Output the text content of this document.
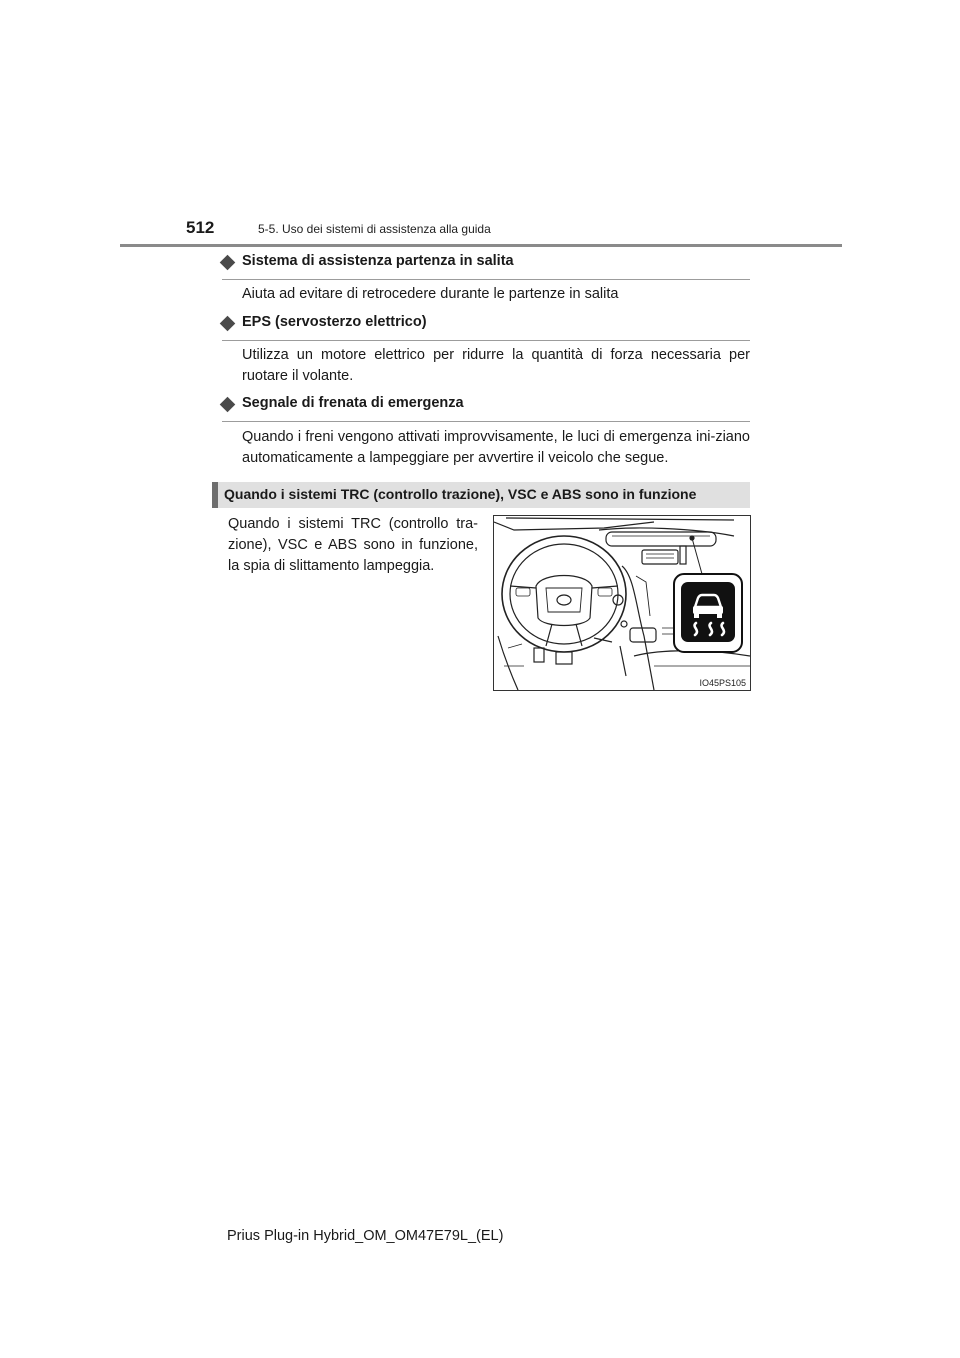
512	5-5. Uso dei sistemi di assistenza alla guida
Sistema di assistenza partenza in salita
Aiuta ad evitare di retrocedere durante le partenze in salita
EPS (servosterzo elettrico)
Utilizza un motore elettrico per ridurre la quantità di forza necessaria per ruotare il volante.
Segnale di frenata di emergenza
Quando i freni vengono attivati improvvisamente, le luci di emergenza ini-ziano automaticamente a lampeggiare per avvertire il veicolo che segue.
Quando i sistemi TRC (controllo trazione), VSC e ABS sono in funzione
Quando i sistemi TRC (controllo tra-zione), VSC e ABS sono in funzione, la spia di slittamento lampeggia.
IO45PS105
Prius Plug-in Hybrid_OM_OM47E79L_(EL)
